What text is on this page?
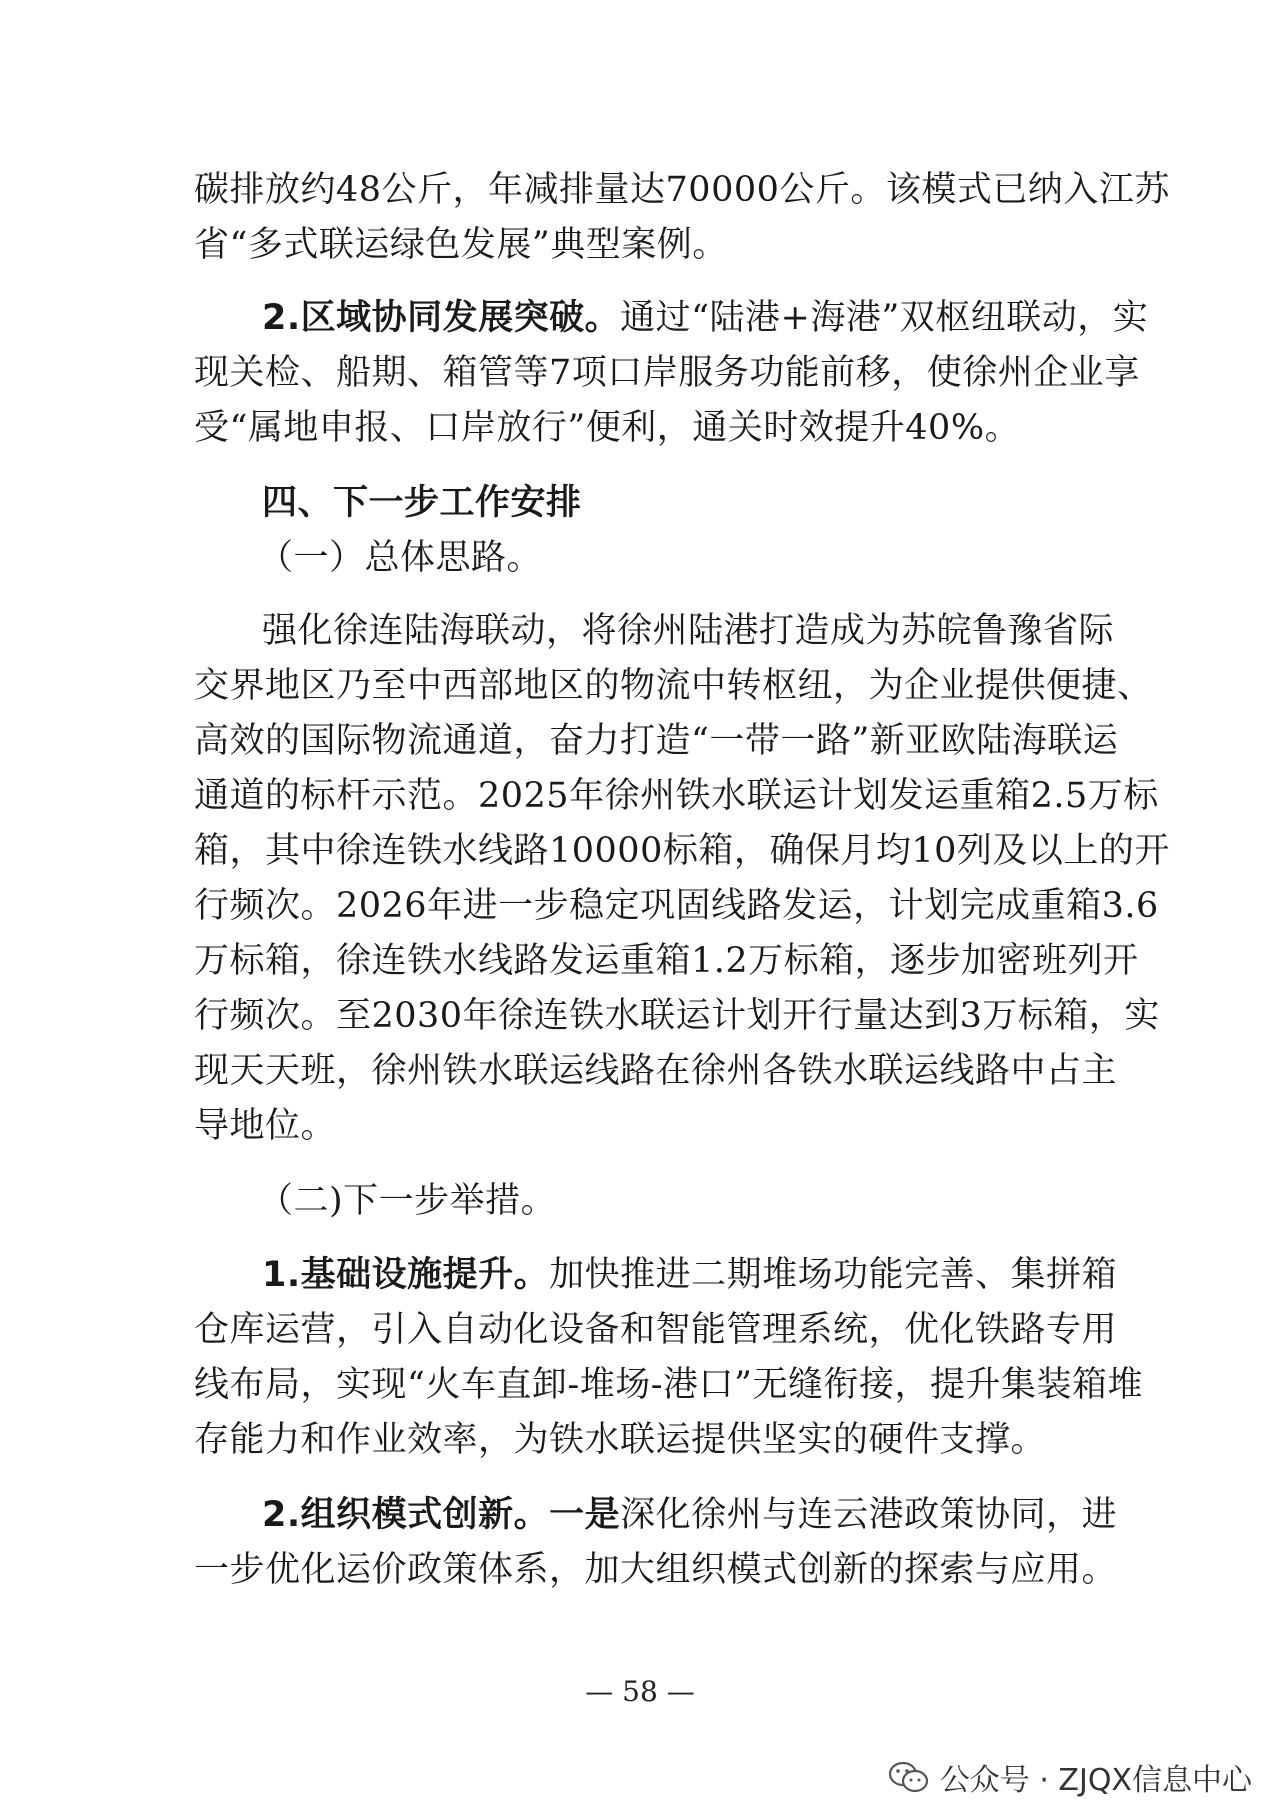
碳排放约48公斤，年减排量达70000公斤。该模式已纳入江苏
省“多式联运绿色发展”典型案例。
2.区域协同发展突破。通过“陆港+海港”双枢纽联动，实
现关检、船期、箱管等7项口岸服务功能前移，使徐州企业享
受“属地申报、口岸放行”便利，通关时效提升40%。
四、下一步工作安排
（一）总体思路。
强化徐连陆海联动，将徐州陆港打造成为苏皖鲁豫省际
交界地区乃至中西部地区的物流中转枢纽，为企业提供便捷、
高效的国际物流通道，奋力打造“一带一路”新亚欧陆海联运
通道的标杆示范。2025年徐州铁水联运计划发运重箱2.5万标
箱，其中徐连铁水线路10000标箱，确保月均10列及以上的开
行频次。2026年进一步稳定巩固线路发运，计划完成重箱3.6
万标箱，徐连铁水线路发运重箱1.2万标箱，逐步加密班列开
行频次。至2030年徐连铁水联运计划开行量达到3万标箱，实
现天天班，徐州铁水联运线路在徐州各铁水联运线路中占主
导地位。
（二)下一步举措。
1.基础设施提升。加快推进二期堆场功能完善、集拼箱
仓库运营，引入自动化设备和智能管理系统，优化铁路专用
线布局，实现“火车直卸-堆场-港口”无缝衔接，提升集装箱堆
存能力和作业效率，为铁水联运提供坚实的硬件支撑。
2.组织模式创新。一是深化徐州与连云港政策协同，进
一步优化运价政策体系，加大组织模式创新的探索与应用。
— 58 —
公众号 · ZJQX信息中心
